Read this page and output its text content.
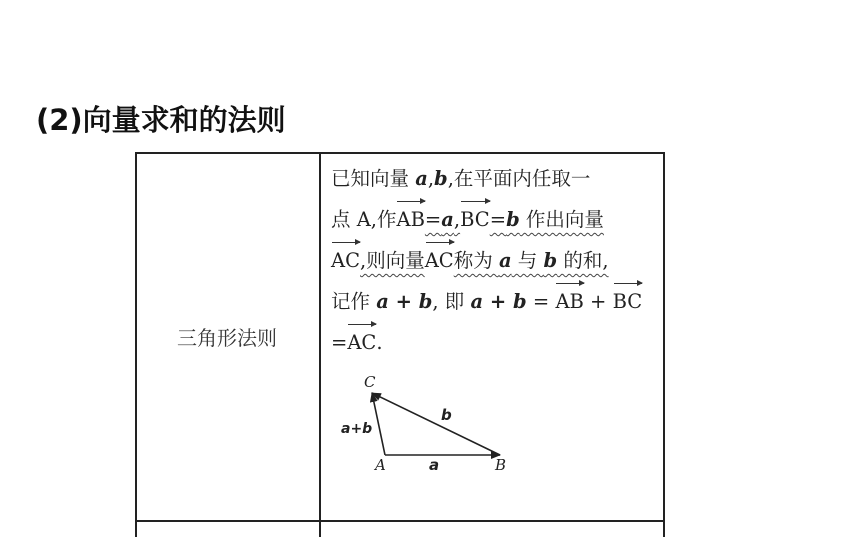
(2)向量求和的法则
三角形法则
已知向量 a,b,在平面内任取一
点 A,作AB=a,BC=b 作出向量
AC,则向量AC称为 a 与 b 的和,
记作 a + b, 即 a + b = AB + BC
=AC.
C
A	B
a
b
a+b
